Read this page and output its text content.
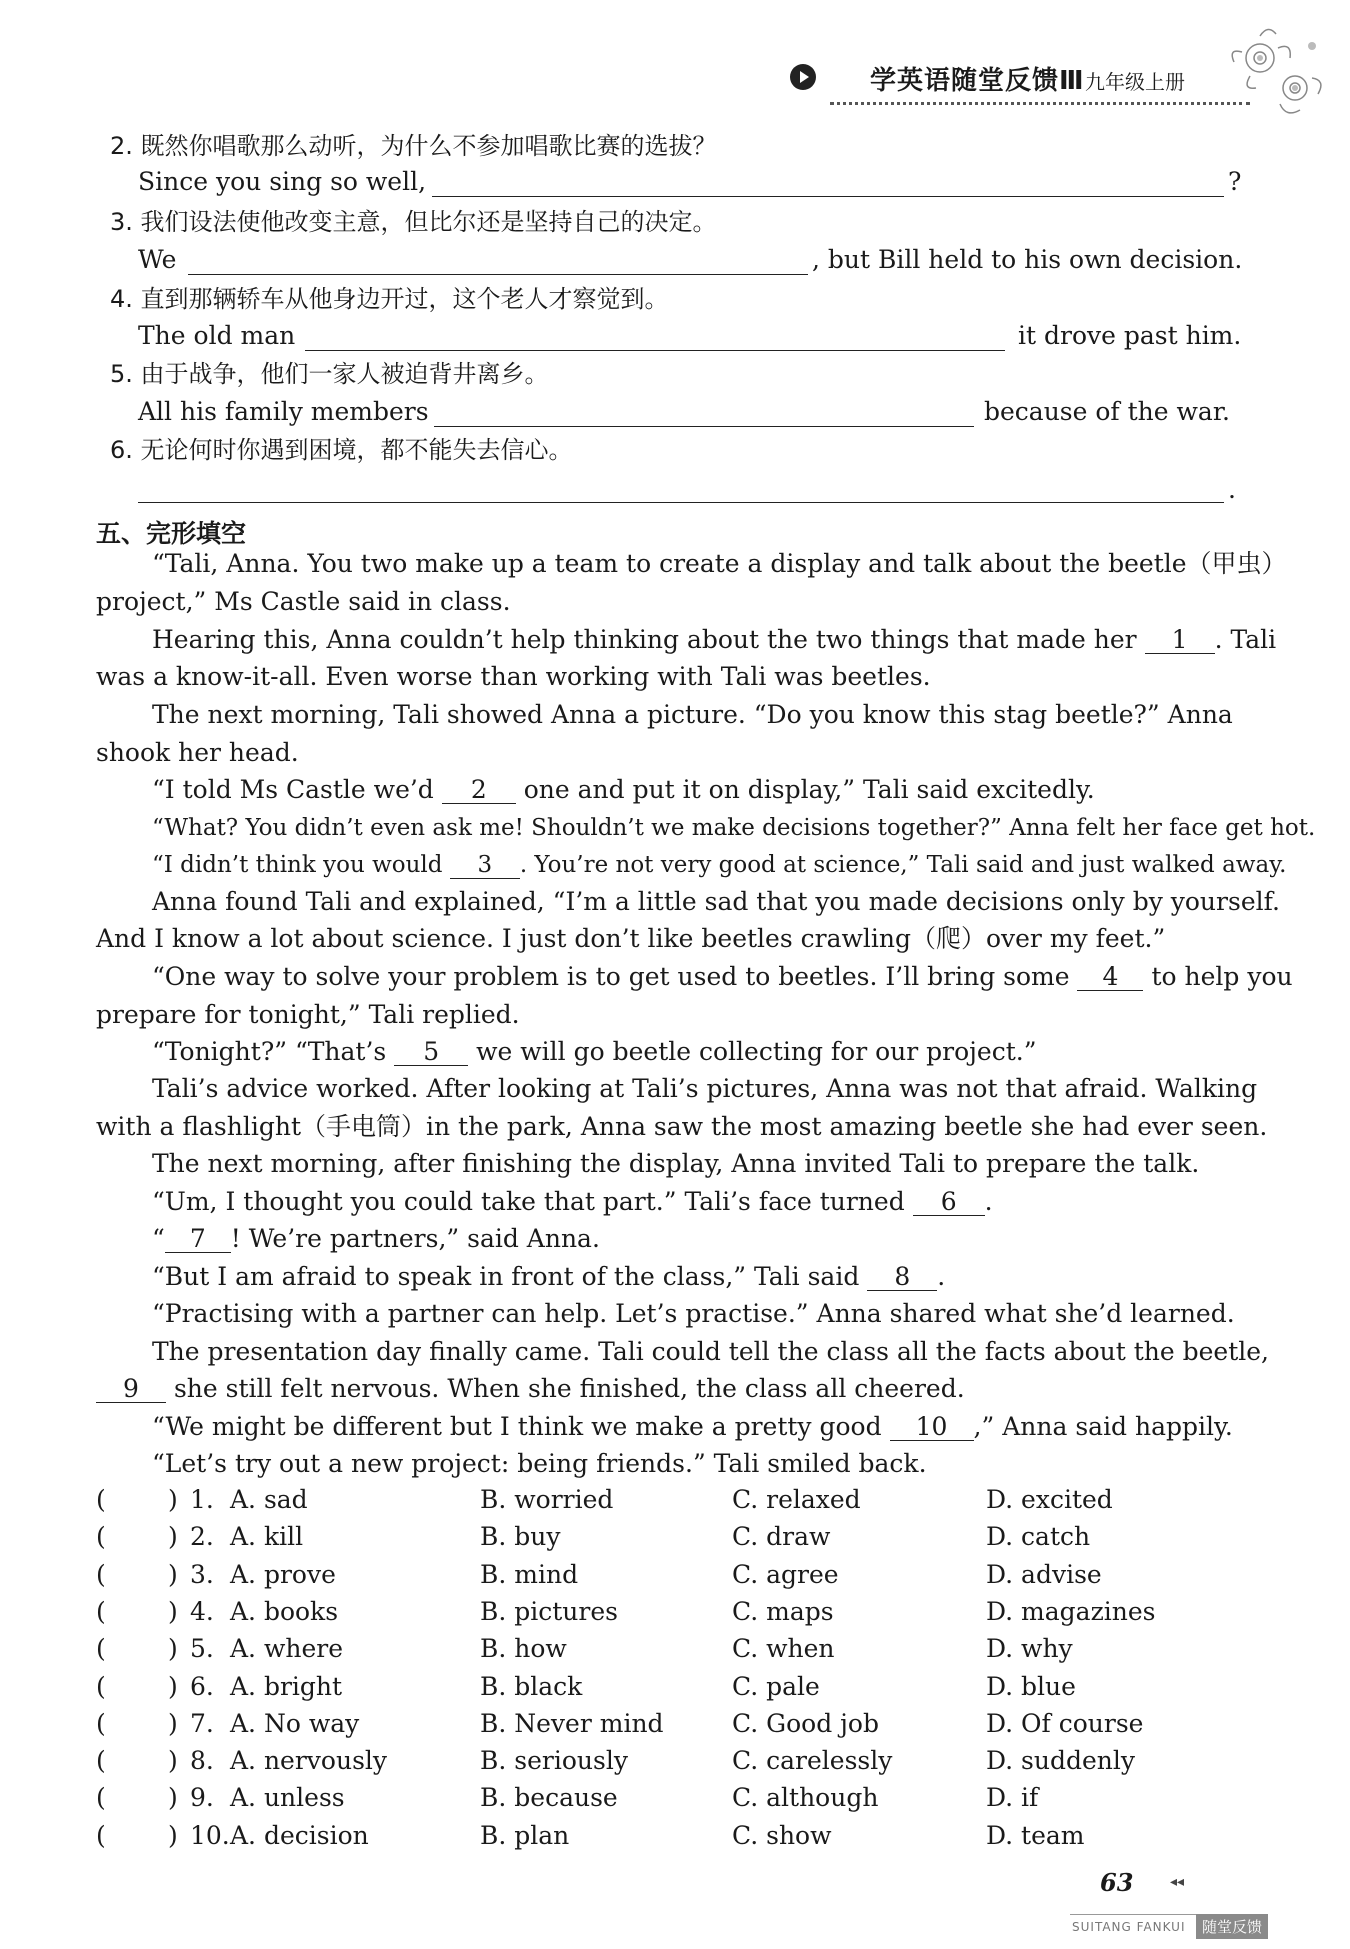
学英语随堂反馈Ⅲ 九年级上册
2. 既然你唱歌那么动听，为什么不参加唱歌比赛的选拔？
Since you sing so well,	?
3. 我们设法使他改变主意，但比尔还是坚持自己的决定。
We	, but Bill held to his own decision.
4. 直到那辆轿车从他身边开过，这个老人才察觉到。
The old man	it drove past him.
5. 由于战争，他们一家人被迫背井离乡。
All his family members	because of the war.
6. 无论何时你遇到困境，都不能失去信心。
.
五、完形填空
“Tali, Anna. You two make up a team to create a display and talk about the beetle（甲虫）
project,” Ms Castle said in class.
Hearing this, Anna couldn’t help thinking about the two things that made her 1 . Tali
was a know-it-all. Even worse than working with Tali was beetles.
The next morning, Tali showed Anna a picture. “Do you know this stag beetle?” Anna
shook her head.
“I told Ms Castle we’d 2 one and put it on display,” Tali said excitedly.
“What? You didn’t even ask me! Shouldn’t we make decisions together?” Anna felt her face get hot.
“I didn’t think you would 3 . You’re not very good at science,” Tali said and just walked away.
Anna found Tali and explained, “I’m a little sad that you made decisions only by yourself.
And I know a lot about science. I just don’t like beetles crawling（爬）over my feet.”
“One way to solve your problem is to get used to beetles. I’ll bring some 4 to help you
prepare for tonight,” Tali replied.
“Tonight?” “That’s 5 we will go beetle collecting for our project.”
Tali’s advice worked. After looking at Tali’s pictures, Anna was not that afraid. Walking
with a flashlight（手电筒）in the park, Anna saw the most amazing beetle she had ever seen.
The next morning, after finishing the display, Anna invited Tali to prepare the talk.
“Um, I thought you could take that part.” Tali’s face turned 6 .
“ 7 ! We’re partners,” said Anna.
“But I am afraid to speak in front of the class,” Tali said 8 .
“Practising with a partner can help. Let’s practise.” Anna shared what she’d learned.
The presentation day finally came. Tali could tell the class all the facts about the beetle,
9 she still felt nervous. When she finished, the class all cheered.
“We might be different but I think we make a pretty good 10 ,” Anna said happily.
“Let’s try out a new project: being friends.” Tali smiled back.
( ) 1. A. sad	B. worried	C. relaxed	D. excited
( ) 2. A. kill	B. buy	C. draw	D. catch
( ) 3. A. prove	B. mind	C. agree	D. advise
( ) 4. A. books	B. pictures	C. maps	D. magazines
( ) 5. A. where	B. how	C. when	D. why
( ) 6. A. bright	B. black	C. pale	D. blue
( ) 7. A. No way	B. Never mind	C. Good job	D. Of course
( ) 8. A. nervously	B. seriously	C. carelessly	D. suddenly
( ) 9. A. unless	B. because	C. although	D. if
( ) 10. A. decision	B. plan	C. show	D. team
63	◂◂
SUITANG FANKUI	随堂反馈
